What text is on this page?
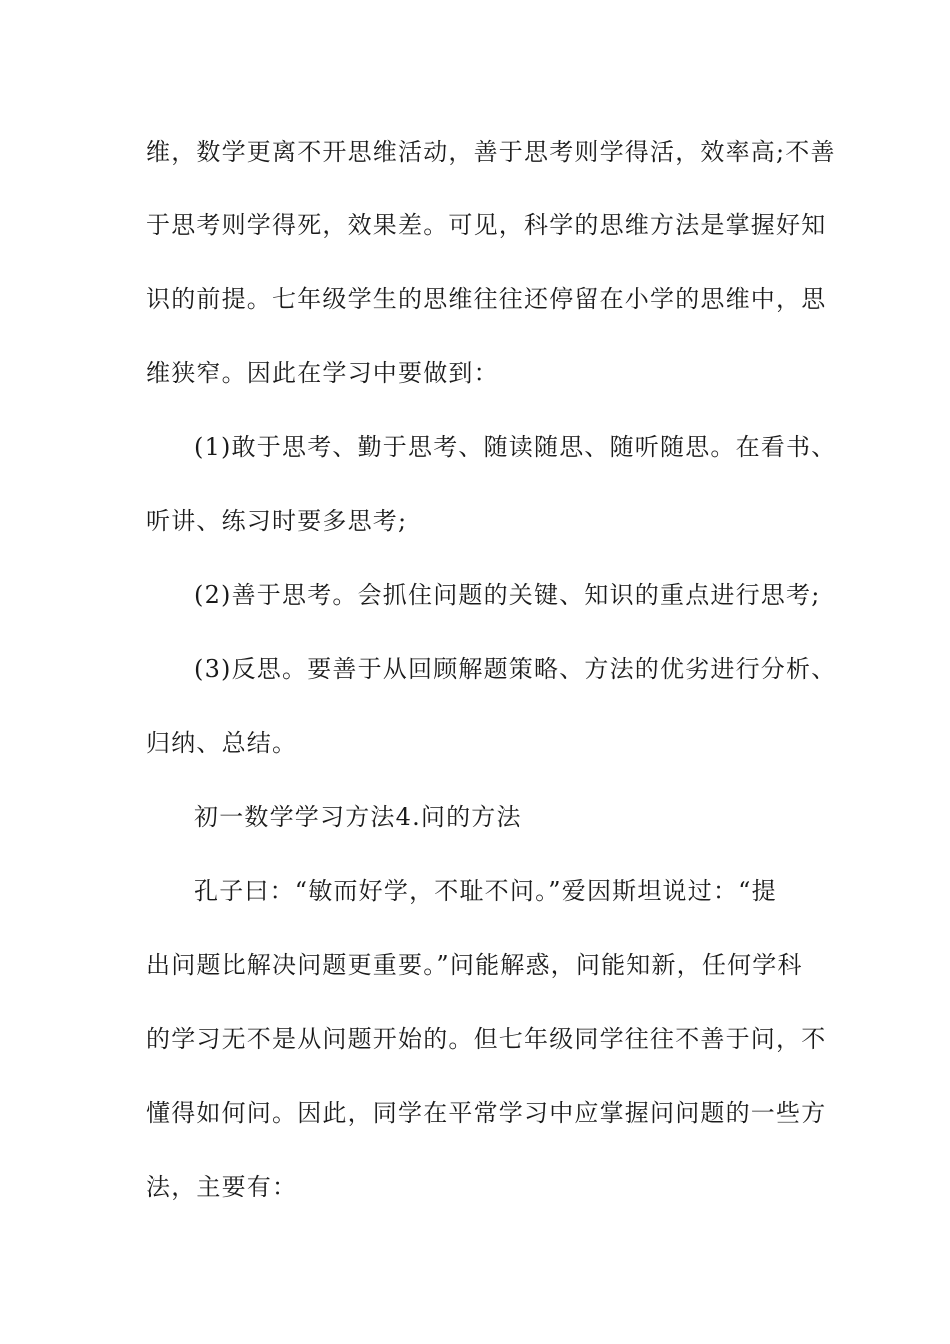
维，数学更离不开思维活动，善于思考则学得活，效率高;不善
于思考则学得死，效果差。可见，科学的思维方法是掌握好知
识的前提。七年级学生的思维往往还停留在小学的思维中，思
维狭窄。因此在学习中要做到：
(1)敢于思考、勤于思考、随读随思、随听随思。在看书、
听讲、练习时要多思考;
(2)善于思考。会抓住问题的关键、知识的重点进行思考;
(3)反思。要善于从回顾解题策略、方法的优劣进行分析、
归纳、总结。
初一数学学习方法4.问的方法
孔子曰：“敏而好学，不耻不问。”爱因斯坦说过：“提
出问题比解决问题更重要。”问能解惑，问能知新，任何学科
的学习无不是从问题开始的。但七年级同学往往不善于问，不
懂得如何问。因此，同学在平常学习中应掌握问问题的一些方
法，主要有：
